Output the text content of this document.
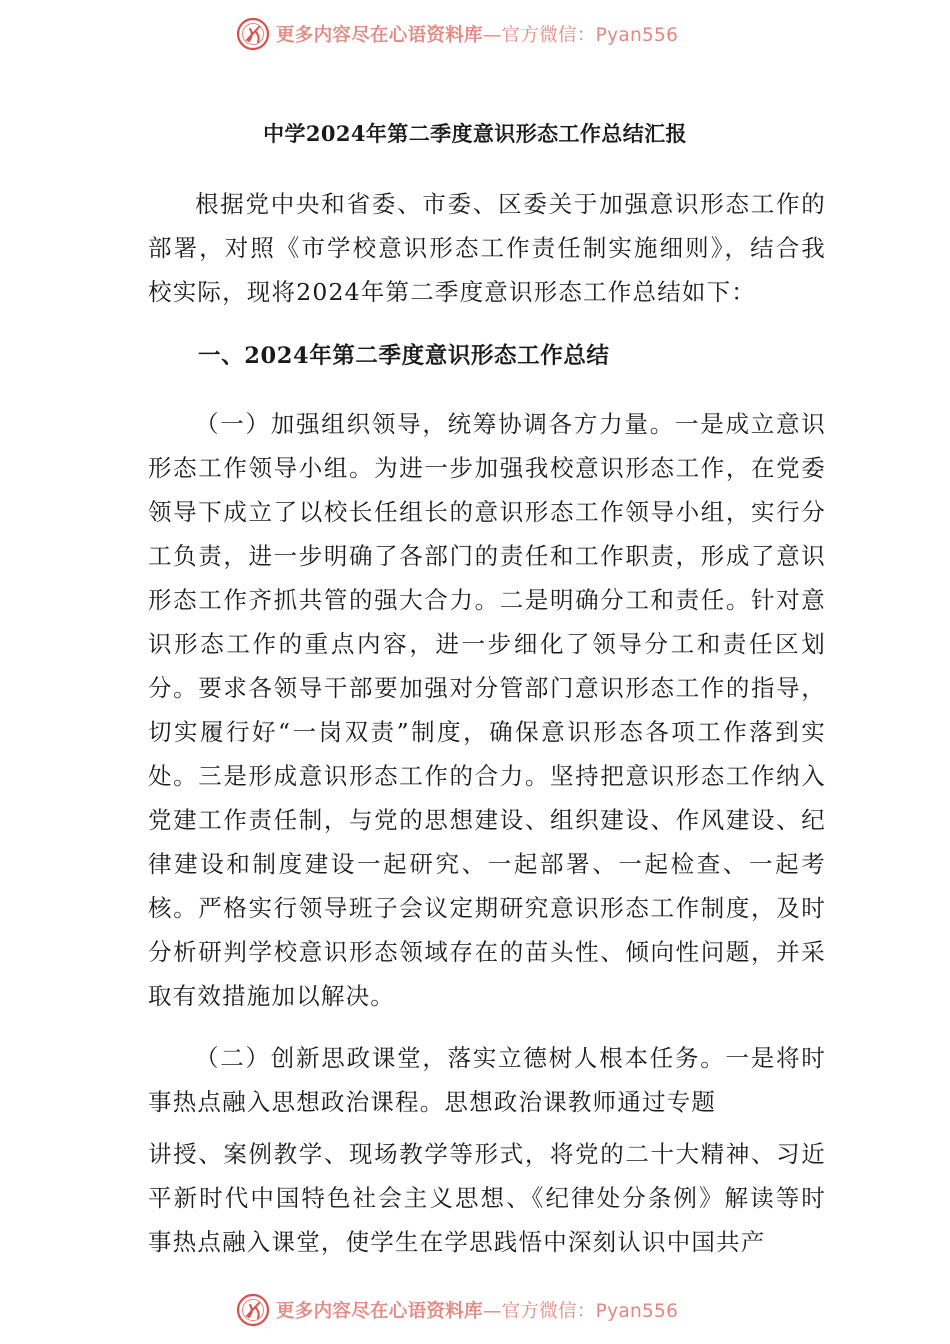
更多内容尽在心语资料库—官方微信：Pyan556
中学2024年第二季度意识形态工作总结汇报

根据党中央和省委、市委、区委关于加强意识形态工作的部署，对照《市学校意识形态工作责任制实施细则》，结合我校实际，现将2024年第二季度意识形态工作总结如下：

一、2024年第二季度意识形态工作总结

（一）加强组织领导，统筹协调各方力量。一是成立意识形态工作领导小组。为进一步加强我校意识形态工作，在党委领导下成立了以校长任组长的意识形态工作领导小组，实行分工负责，进一步明确了各部门的责任和工作职责，形成了意识形态工作齐抓共管的强大合力。二是明确分工和责任。针对意识形态工作的重点内容，进一步细化了领导分工和责任区划分。要求各领导干部要加强对分管部门意识形态工作的指导，切实履行好“一岗双责”制度，确保意识形态各项工作落到实处。三是形成意识形态工作的合力。坚持把意识形态工作纳入党建工作责任制，与党的思想建设、组织建设、作风建设、纪律建设和制度建设一起研究、一起部署、一起检查、一起考核。严格实行领导班子会议定期研究意识形态工作制度，及时分析研判学校意识形态领域存在的苗头性、倾向性问题，并采取有效措施加以解决。

（二）创新思政课堂，落实立德树人根本任务。一是将时事热点融入思想政治课程。思想政治课教师通过专题

讲授、案例教学、现场教学等形式，将党的二十大精神、习近平新时代中国特色社会主义思想、《纪律处分条例》解读等时事热点融入课堂，使学生在学思践悟中深刻认识中国共产

更多内容尽在心语资料库—官方微信：Pyan556
